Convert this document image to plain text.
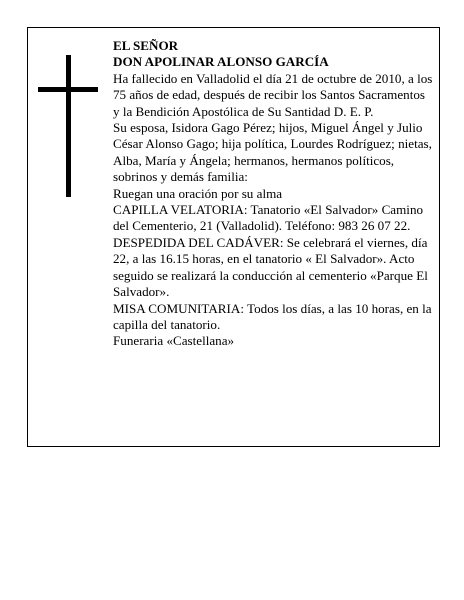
EL SEÑOR

DON APOLINAR ALONSO GARCÍA

Ha fallecido en Valladolid el día 21 de octubre de 2010, a los 75 años de edad, después de recibir los Santos Sacramentos y la Bendición Apostólica de Su Santidad D. E. P.

Su esposa, Isidora Gago Pérez; hijos, Miguel Ángel y Julio César Alonso Gago; hija política, Lourdes Rodríguez; nietas, Alba, María y Ángela; hermanos, hermanos políticos, sobrinos y demás familia:

Ruegan una oración por su alma

CAPILLA VELATORIA: Tanatorio «El Salvador» Camino del Cementerio, 21 (Valladolid). Teléfono: 983 26 07 22.

DESPEDIDA DEL CADÁVER: Se celebrará el viernes, día 22, a las 16.15 horas, en el tanatorio « El Salvador». Acto seguido se realizará la conducción al cementerio «Parque El Salvador».

MISA COMUNITARIA: Todos los días, a las 10 horas, en la capilla del tanatorio.

Funeraria «Castellana»
